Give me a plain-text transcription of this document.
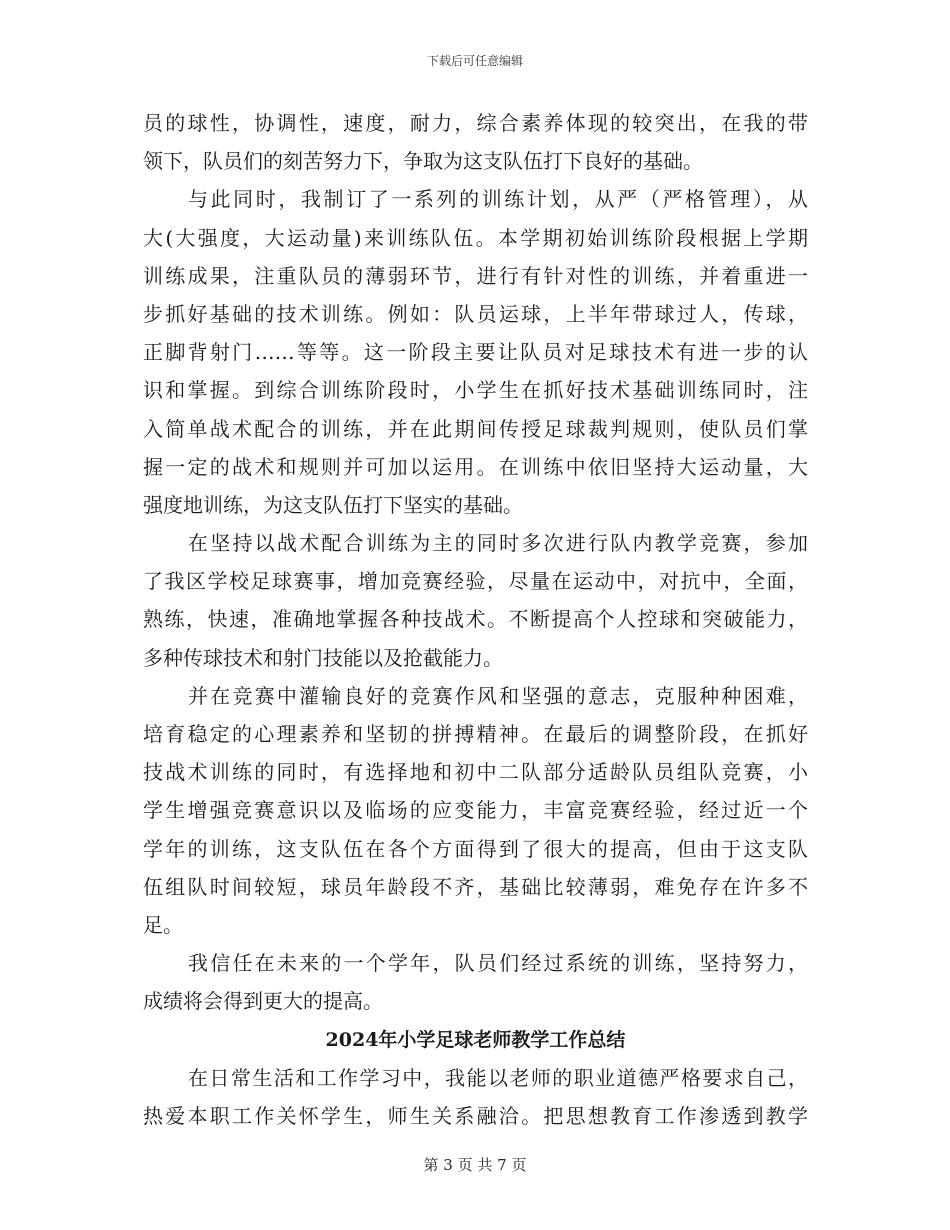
下载后可任意编辑
员的球性，协调性，速度，耐力，综合素养体现的较突出，在我的带
领下，队员们的刻苦努力下，争取为这支队伍打下良好的基础。
与此同时，我制订了一系列的训练计划，从严（严格管理），从
大(大强度，大运动量)来训练队伍。本学期初始训练阶段根据上学期
训练成果，注重队员的薄弱环节，进行有针对性的训练，并着重进一
步抓好基础的技术训练。例如：队员运球，上半年带球过人，传球，
正脚背射门……等等。这一阶段主要让队员对足球技术有进一步的认
识和掌握。到综合训练阶段时，小学生在抓好技术基础训练同时，注
入简单战术配合的训练，并在此期间传授足球裁判规则，使队员们掌
握一定的战术和规则并可加以运用。在训练中依旧坚持大运动量，大
强度地训练，为这支队伍打下坚实的基础。
在坚持以战术配合训练为主的同时多次进行队内教学竞赛，参加
了我区学校足球赛事，增加竞赛经验，尽量在运动中，对抗中，全面，
熟练，快速，准确地掌握各种技战术。不断提高个人控球和突破能力，
多种传球技术和射门技能以及抢截能力。
并在竞赛中灌输良好的竞赛作风和坚强的意志，克服种种困难，
培育稳定的心理素养和坚韧的拼搏精神。在最后的调整阶段，在抓好
技战术训练的同时，有选择地和初中二队部分适龄队员组队竞赛，小
学生增强竞赛意识以及临场的应变能力，丰富竞赛经验，经过近一个
学年的训练，这支队伍在各个方面得到了很大的提高，但由于这支队
伍组队时间较短，球员年龄段不齐，基础比较薄弱，难免存在许多不
足。
我信任在未来的一个学年，队员们经过系统的训练，坚持努力，
成绩将会得到更大的提高。
2024年小学足球老师教学工作总结
在日常生活和工作学习中，我能以老师的职业道德严格要求自己，
热爱本职工作关怀学生，师生关系融洽。把思想教育工作渗透到教学
第 3 页 共 7 页
